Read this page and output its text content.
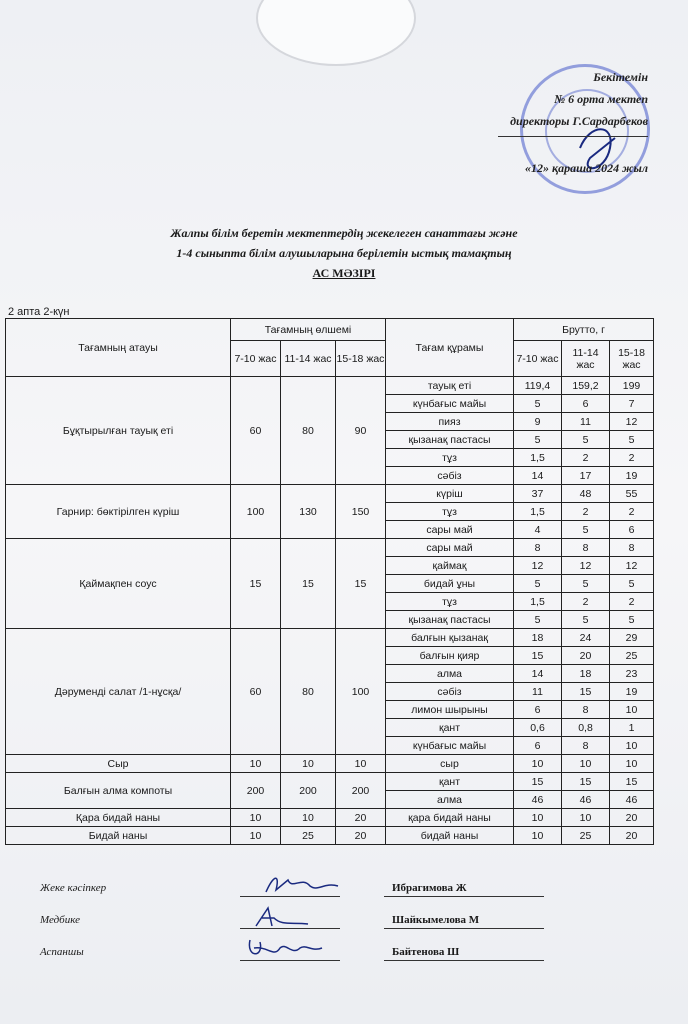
Бекітемін
№ 6 орта мектеп
директоры Г.Сардарбеков
«12» қараша 2024 жыл
Жалпы білім беретін мектептердің жекелеген санаттағы және
1-4 сыныпта білім алушыларына берілетін ыстық тамақтың
АС МӘЗІРІ
2 апта 2-күн
Тағамның атауы	Тағамның өлшемі			Тағам құрамы	Брутто, г		
	7-10 жас	11-14 жас	15-18 жас		7-10 жас	11-14 жас	15-18 жас
Бұқтырылған тауық еті	60	80	90	тауық еті	119,4	159,2	199
				күнбағыс майы	5	6	7
				пияз	9	11	12
				қызанақ пастасы	5	5	5
				тұз	1,5	2	2
				сәбіз	14	17	19
Гарнир: бөктірілген күріш	100	130	150	күріш	37	48	55
				тұз	1,5	2	2
				сары май	4	5	6
Қаймақпен соус	15	15	15	сары май	8	8	8
				қаймақ	12	12	12
				бидай ұны	5	5	5
				тұз	1,5	2	2
				қызанақ пастасы	5	5	5
Дәруменді салат /1-нұсқа/	60	80	100	балғын қызанақ	18	24	29
				балғын қияр	15	20	25
				алма	14	18	23
				сәбіз	11	15	19
				лимон шырыны	6	8	10
				қант	0,6	0,8	1
				күнбағыс майы	6	8	10
Сыр	10	10	10	сыр	10	10	10
Балғын алма компоты	200	200	200	қант	15	15	15
				алма	46	46	46
Қара бидай наны	10	10	20	қара бидай наны	10	10	20
Бидай наны	10	25	20	бидай наны	10	25	20
Жеке кәсіпкер
Медбике
Аспаншы
Ибрагимова Ж
Шайкымелова М
Байтенова Ш
